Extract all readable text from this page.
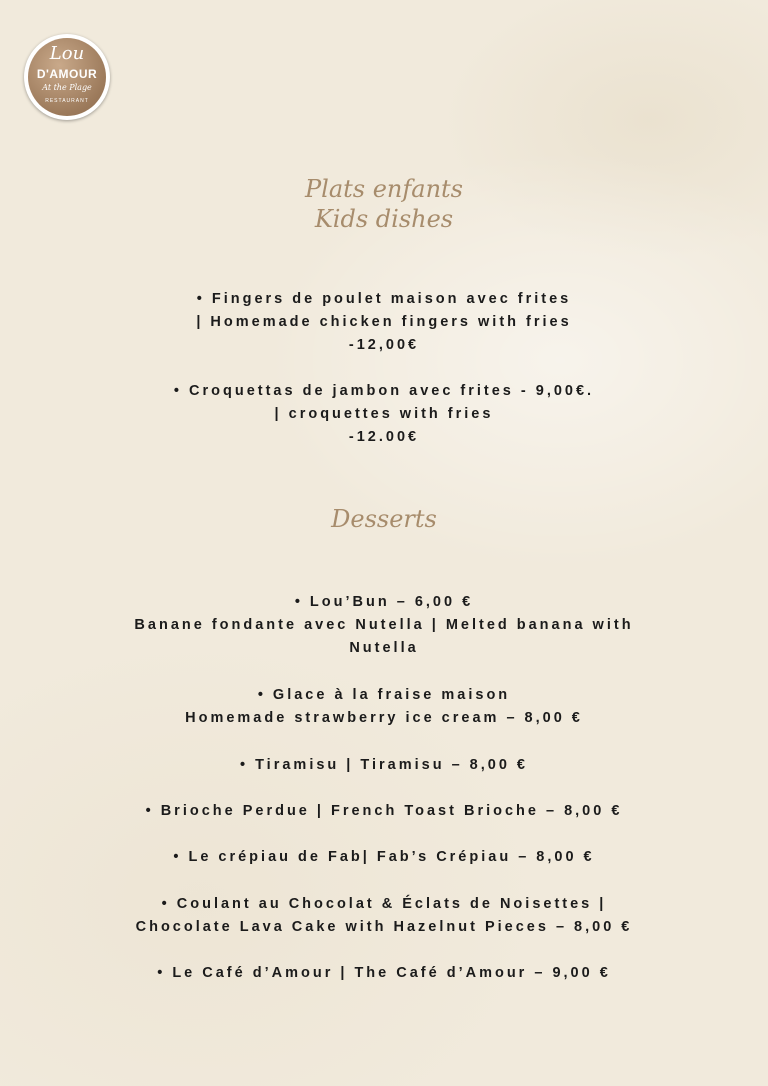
Lou
D'AMOUR
At the Plage
RESTAURANT
Plats enfants
Kids dishes
• Fingers de poulet maison avec frites
| Homemade chicken fingers with fries
-12,00€
• Croquettas de jambon avec frites - 9,00€.
| croquettes with fries
-12.00€
Desserts
• Lou’Bun – 6,00 €
Banane fondante avec Nutella | Melted banana with
Nutella
• Glace à la fraise maison
Homemade strawberry ice cream – 8,00 €
• Tiramisu | Tiramisu – 8,00 €
• Brioche Perdue | French Toast Brioche – 8,00 €
• Le crépiau de Fab| Fab’s Crépiau – 8,00 €
• Coulant au Chocolat & Éclats de Noisettes |
Chocolate Lava Cake with Hazelnut Pieces – 8,00 €
• Le Café d’Amour | The Café d’Amour – 9,00 €
